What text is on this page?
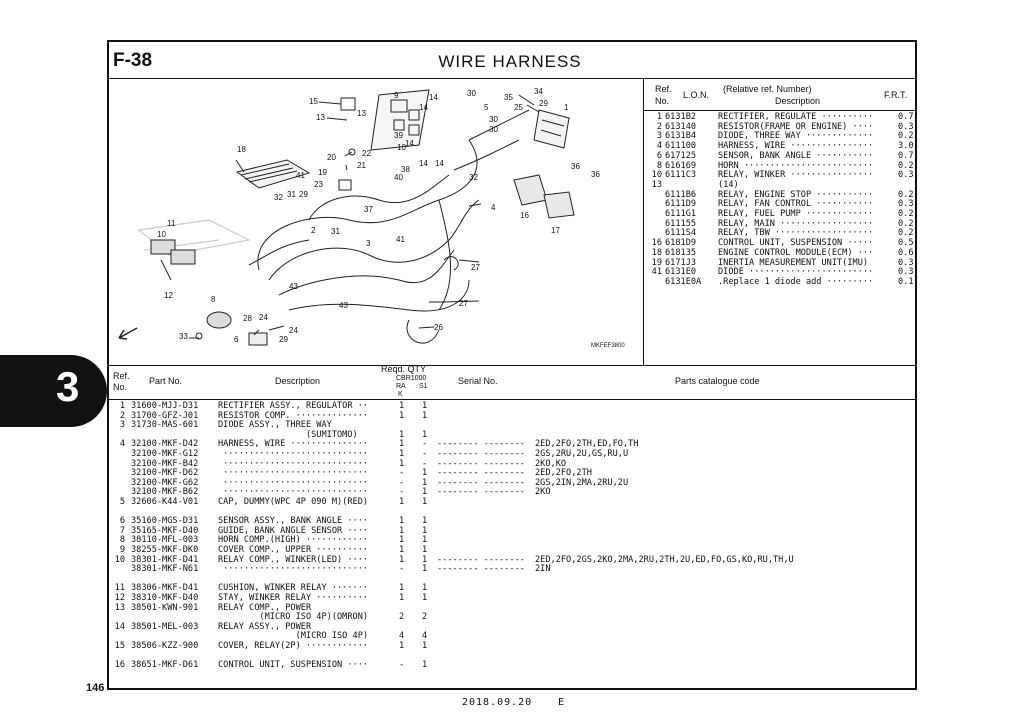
3
F-38	WIRE HARNESS
15
13	13
9	14
14
30
5
30
30
35
25
34
29 1
18
20	22
21
19
41
23
39
10 14
14 14
38
40	32
32 31 29
37	4
16
17
36
36
11
10
12
2 31
3	41
27
27
26
43
43
8
28 24
24
29
6
33
MKFEF3800
Ref.
No.
L.O.N.
(Relative ref. Number)
Description
F.R.T.
1 6131B2	RECTIFIER, REGULATE ··········	0.7
2 613140	RESISTOR(FRAME OR ENGINE) ····	0.3
3 6131B4	DIODE, THREE WAY ·············	0.2
4 611100	HARNESS, WIRE ················	3.0
6 617125	SENSOR, BANK ANGLE ···········	0.7
8 616169	HORN ·························	0.2
10 6111C3	RELAY, WINKER ················	0.3
13	(14)
6111B6	RELAY, ENGINE STOP ···········	0.2
6111D9	RELAY, FAN CONTROL ···········	0.3
6111G1	RELAY, FUEL PUMP ·············	0.2
611155	RELAY, MAIN ··················	0.2
6111S4	RELAY, TBW ···················	0.2
16 6181D9	CONTROL UNIT, SUSPENSION ·····	0.5
18 618135	ENGINE CONTROL MODULE(ECM) ···	0.6
19 6171J3	INERTIA MEASUREMENT UNIT(IMU)	0.3
41 6131E0	DIODE ························	0.3
6131E0A .Replace 1 diode add ·········	0.1
Ref.
No.
Part No.	Description
Reqd. QTY
CBR1000
RA S1
K
Serial No.	Parts catalogue code
1 31600-MJJ-D31 RECTIFIER ASSY., REGULATOR ··	1 1
2 31700-GFZ-J01 RESISTOR COMP. ··············	1 1
3 31730-MAS-601 DIODE ASSY., THREE WAY
(SUMITOMO)	1 1
4 32100-MKF-D42 HARNESS, WIRE ···············	1 - -------- -------- 2ED,2FO,2TH,ED,FO,TH
32100-MKF-G12 ····························	1 - -------- -------- 2GS,2RU,2U,GS,RU,U
32100-MKF-B42 ····························	1 - -------- -------- 2KO,KO
32100-MKF-D62 ····························	- 1 -------- -------- 2ED,2FO,2TH
32100-MKF-G62 ····························	- 1 -------- -------- 2GS,2IN,2MA,2RU,2U
32100-MKF-B62 ····························	- 1 -------- -------- 2KO
5 32606-K44-V01 CAP, DUMMY(WPC 4P 090 M)(RED)	1 1
6 35160-MGS-D31 SENSOR ASSY., BANK ANGLE ····	1 1
7 35165-MKF-D40 GUIDE, BANK ANGLE SENSOR ····	1 1
8 38110-MFL-003 HORN COMP.(HIGH) ············	1 1
9 38255-MKF-DK0 COVER COMP., UPPER ··········	1 1
10 38301-MKF-D41 RELAY COMP., WINKER(LED) ····	1 1 -------- -------- 2ED,2FO,2GS,2KO,2MA,2RU,2TH,2U,ED,FO,GS,KO,RU,TH,U
38301-MKF-N61 ····························	- 1 -------- -------- 2IN
11 38306-MKF-D41 CUSHION, WINKER RELAY ·······	1 1
12 38310-MKF-D40 STAY, WINKER RELAY ··········	1 1
13 38501-KWN-901 RELAY COMP., POWER
(MICRO ISO 4P)(OMRON)	2 2
14 38501-MEL-003 RELAY ASSY., POWER
(MICRO ISO 4P)	4 4
15 38506-KZZ-900 COVER, RELAY(2P) ············	1 1
16 38651-MKF-D61 CONTROL UNIT, SUSPENSION ····	- 1
146
2018.09.20	E
